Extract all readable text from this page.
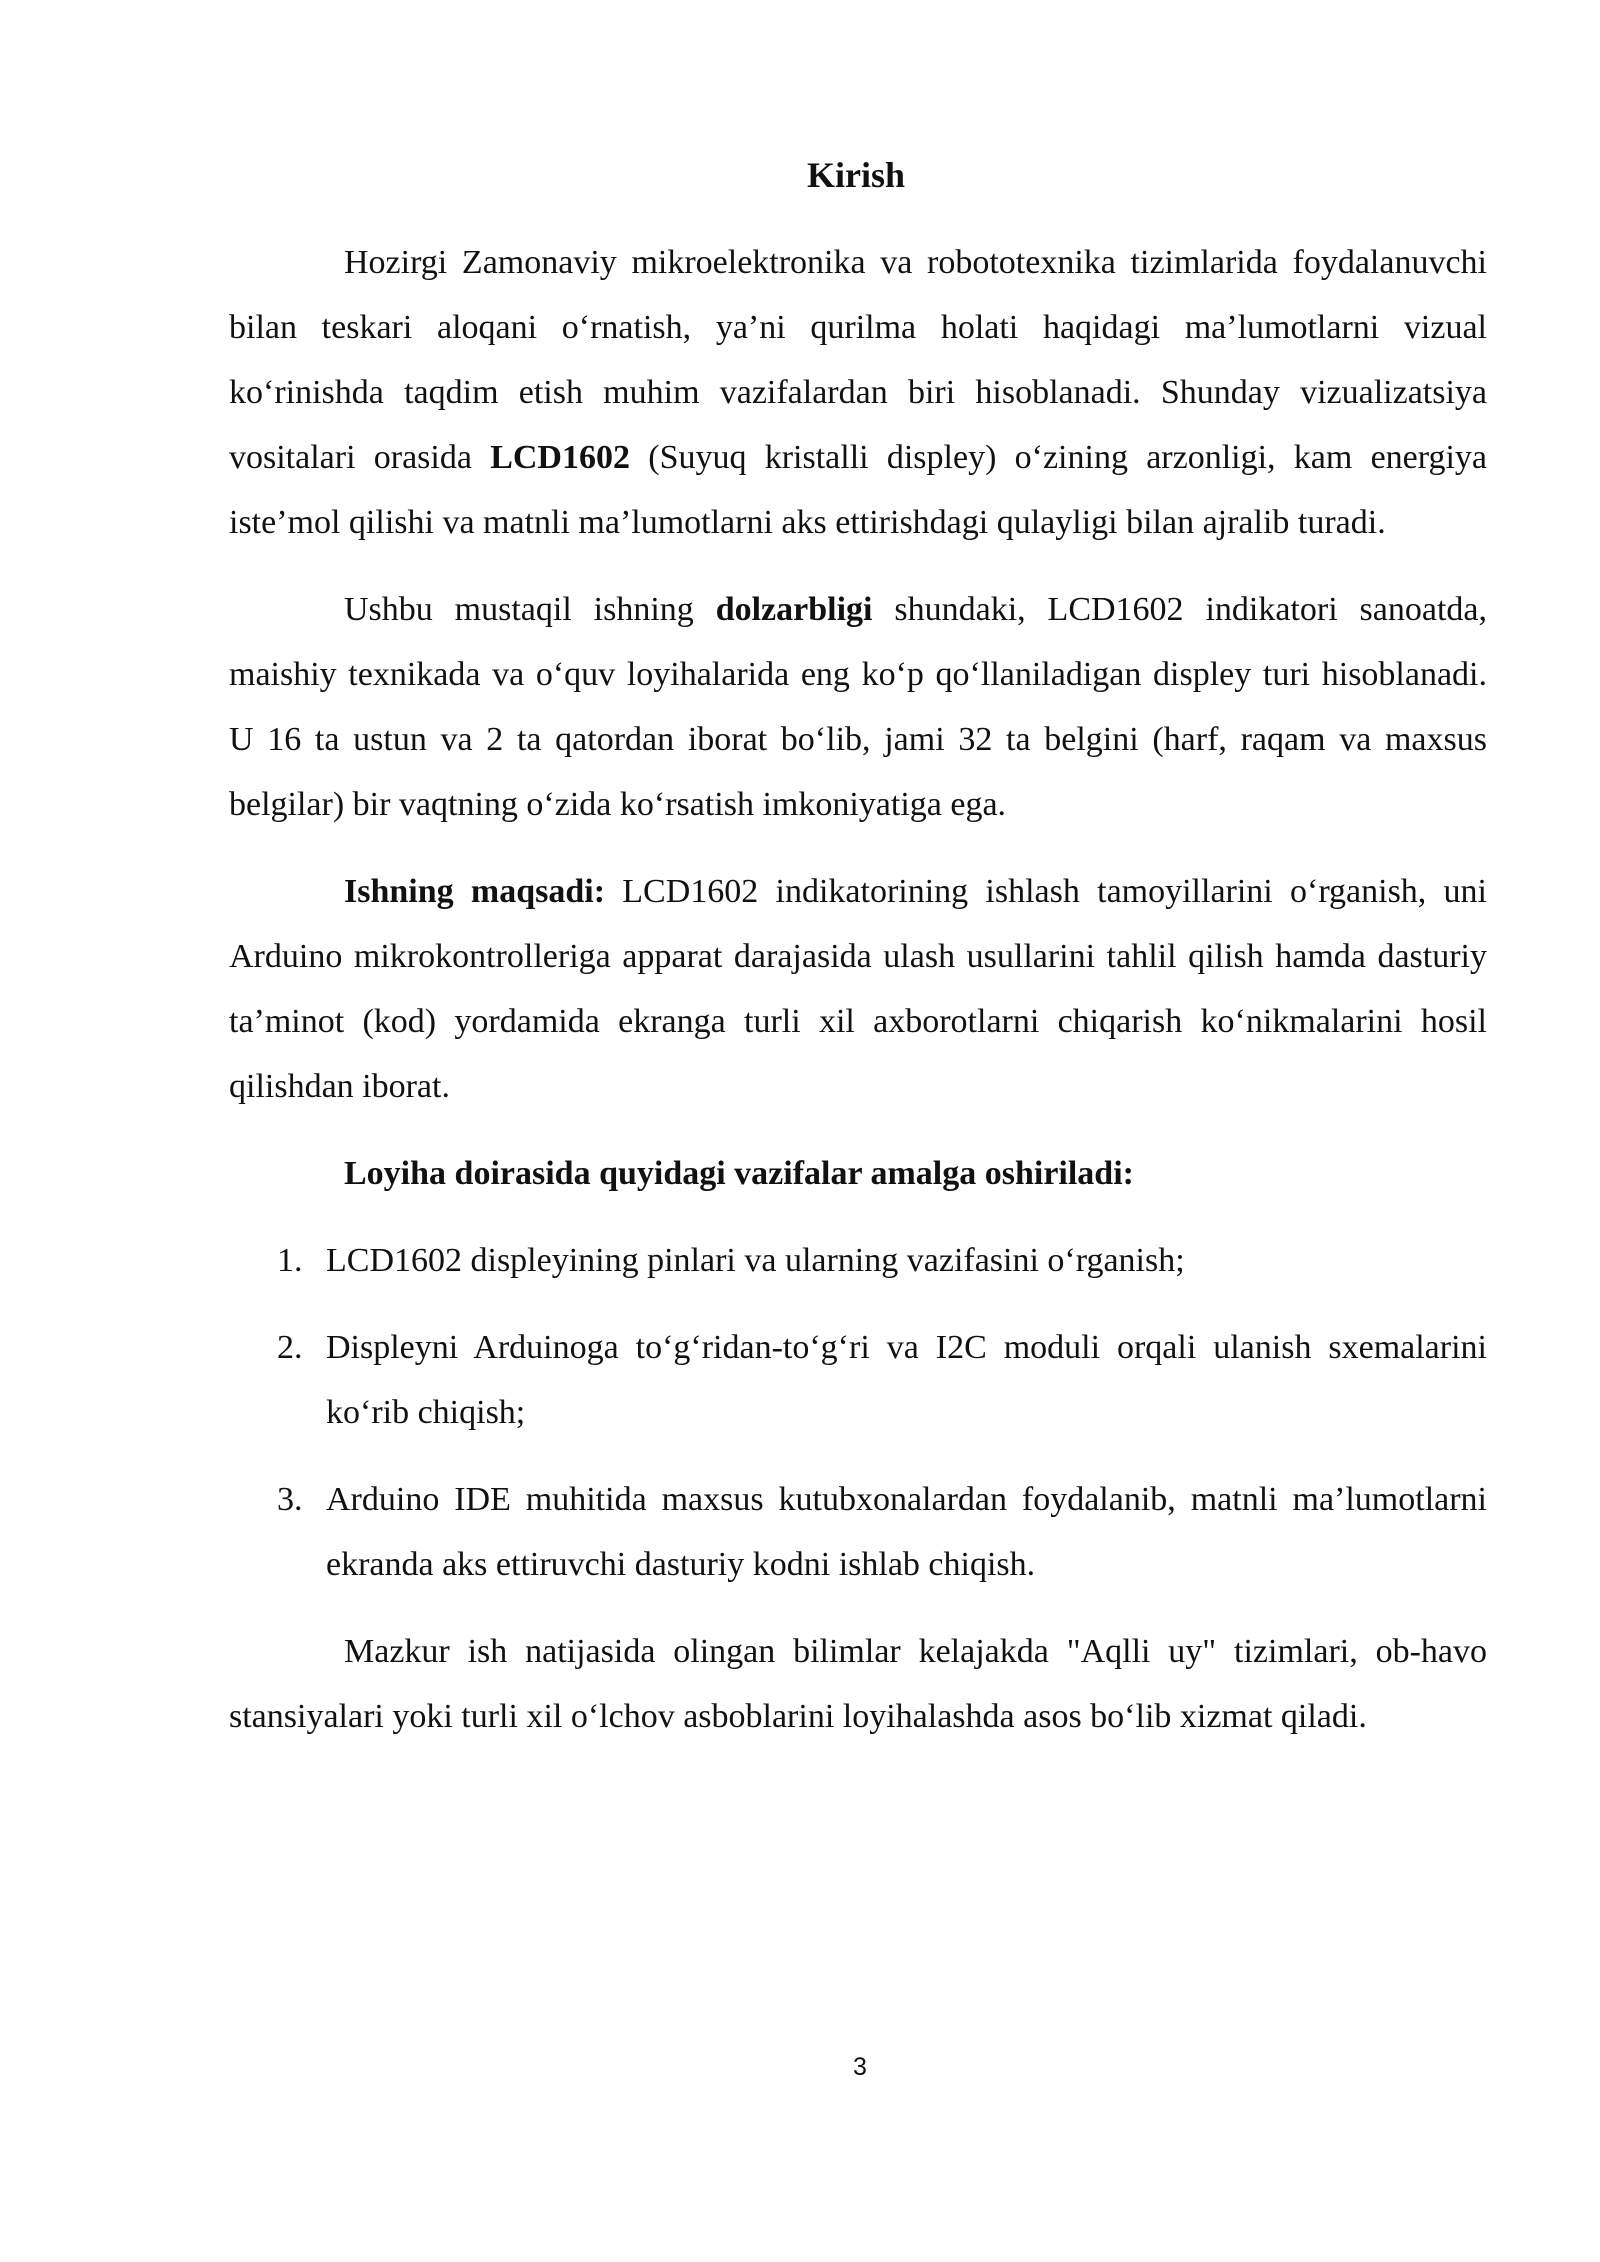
Kirish

Hozirgi Zamonaviy mikroelektronika va robototexnika tizimlarida foydalanuvchi bilan teskari aloqani o‘rnatish, ya’ni qurilma holati haqidagi ma’lumotlarni vizual ko‘rinishda taqdim etish muhim vazifalardan biri hisoblanadi. Shunday vizualizatsiya vositalari orasida LCD1602 (Suyuq kristalli displey) o‘zining arzonligi, kam energiya iste’mol qilishi va matnli ma’lumotlarni aks ettirishdagi qulayligi bilan ajralib turadi.

Ushbu mustaqil ishning dolzarbligi shundaki, LCD1602 indikatori sanoatda, maishiy texnikada va o‘quv loyihalarida eng ko‘p qo‘llaniladigan displey turi hisoblanadi. U 16 ta ustun va 2 ta qatordan iborat bo‘lib, jami 32 ta belgini (harf, raqam va maxsus belgilar) bir vaqtning o‘zida ko‘rsatish imkoniyatiga ega.

Ishning maqsadi: LCD1602 indikatorining ishlash tamoyillarini o‘rganish, uni Arduino mikrokontrolleriga apparat darajasida ulash usullarini tahlil qilish hamda dasturiy ta’minot (kod) yordamida ekranga turli xil axborotlarni chiqarish ko‘nikmalarini hosil qilishdan iborat.

Loyiha doirasida quyidagi vazifalar amalga oshiriladi:

1. LCD1602 displeyining pinlari va ularning vazifasini o‘rganish;
2. Displeyni Arduinoga to‘g‘ridan-to‘g‘ri va I2C moduli orqali ulanish sxemalarini ko‘rib chiqish;
3. Arduino IDE muhitida maxsus kutubxonalardan foydalanib, matnli ma’lumotlarni ekranda aks ettiruvchi dasturiy kodni ishlab chiqish.

Mazkur ish natijasida olingan bilimlar kelajakda "Aqlli uy" tizimlari, ob-havo stansiyalari yoki turli xil o‘lchov asboblarini loyihalashda asos bo‘lib xizmat qiladi.

3
